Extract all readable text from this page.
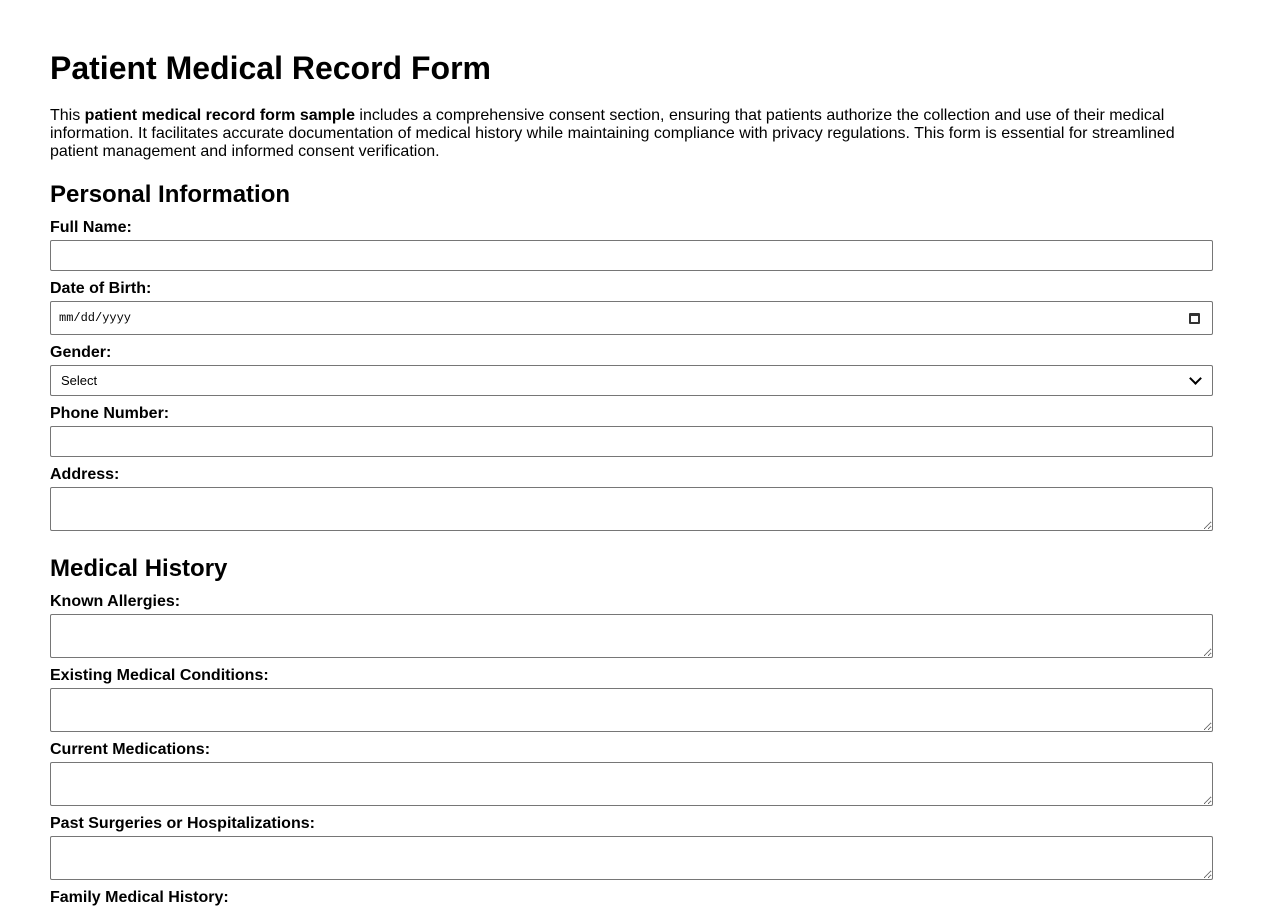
Patient Medical Record Form

This patient medical record form sample includes a comprehensive consent section, ensuring that patients authorize the collection and use of their medical information. It facilitates accurate documentation of medical history while maintaining compliance with privacy regulations. This form is essential for streamlined patient management and informed consent verification.

Personal Information
Full Name:
Date of Birth:
mm/dd/yyyy
Gender:
Select
Phone Number:
Address:
Medical History
Known Allergies:
Existing Medical Conditions:
Current Medications:
Past Surgeries or Hospitalizations:
Family Medical History:
